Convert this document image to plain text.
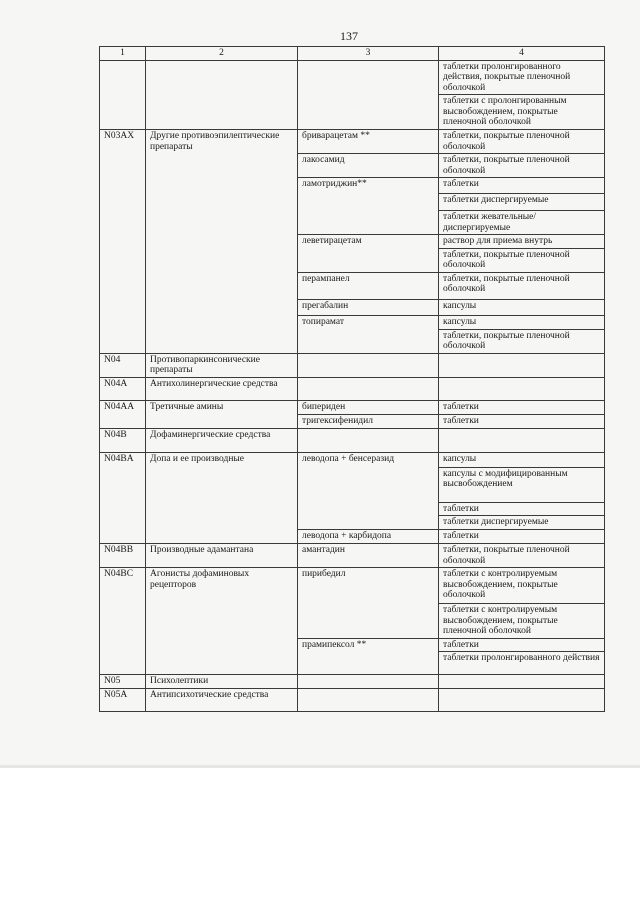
137
1	2	3	4
			таблетки пролонгированного действия, покрытые пленочной оболочкой
			таблетки с пролонгированным высвобождением, покрытые пленочной оболочкой
N03AX	Другие противоэпилептические препараты	бриварацетам **	таблетки, покрытые пленочной оболочкой
		лакосамид	таблетки, покрытые пленочной оболочкой
		ламотриджин**	таблетки
			таблетки диспергируемые
			таблетки жевательные/диспергируемые
		леветирацетам	раствор для приема внутрь
			таблетки, покрытые пленочной оболочкой
		перампанел	таблетки, покрытые пленочной оболочкой
		прегабалин	капсулы
		топирамат	капсулы
			таблетки, покрытые пленочной оболочкой
N04	Противопаркинсонические препараты		
N04A	Антихолинергические средства		
N04AA	Третичные амины	бипериден	таблетки
		тригексифенидил	таблетки
N04B	Дофаминергические средства		
N04BA	Допа и ее производные	леводопа + бенсеразид	капсулы
			капсулы с модифицированным высвобождением
			таблетки
			таблетки диспергируемые
		леводопа + карбидопа	таблетки
N04BB	Производные адамантана	амантадин	таблетки, покрытые пленочной оболочкой
N04BC	Агонисты дофаминовых рецепторов	пирибедил	таблетки с контролируемым высвобождением, покрытые оболочкой
			таблетки с контролируемым высвобождением, покрытые пленочной оболочкой
		прамипексол **	таблетки
			таблетки пролонгированного действия
N05	Психолептики		
N05A	Антипсихотические средства		
